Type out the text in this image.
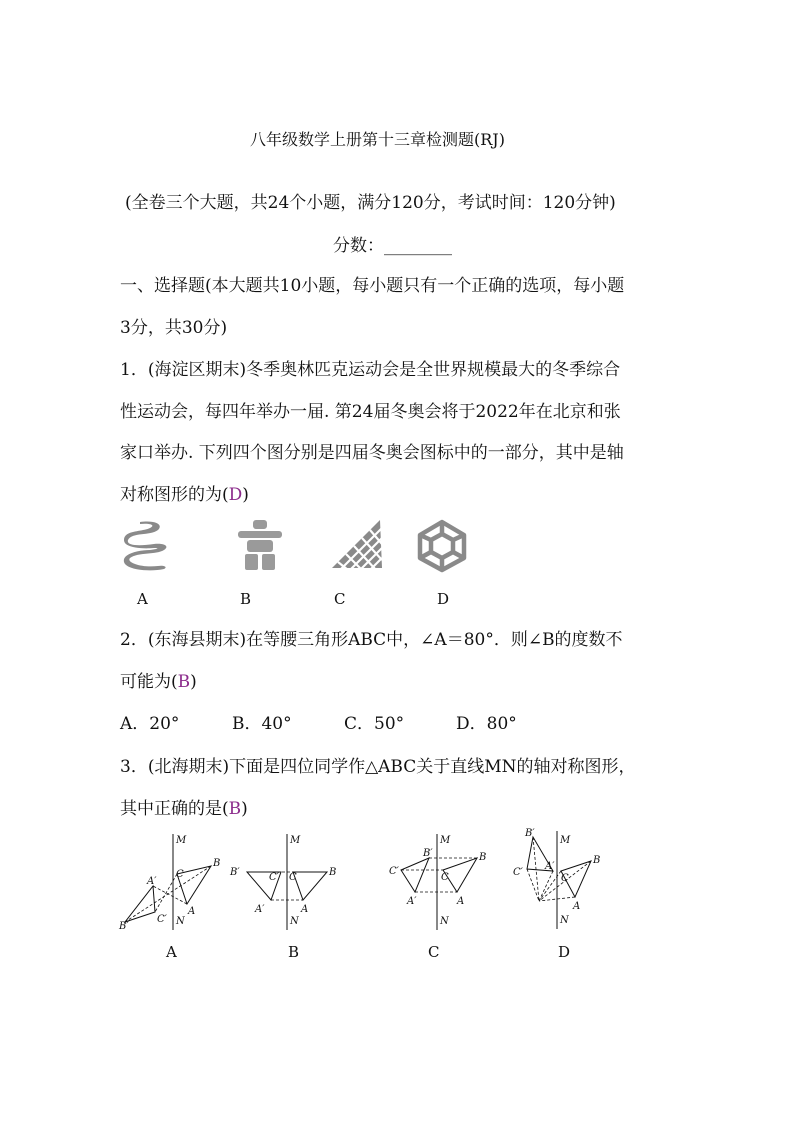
八年级数学上册第十三章检测题(RJ)
(全卷三个大题，共24个小题，满分120分，考试时间：120分钟)
分数：________
一、选择题(本大题共10小题，每小题只有一个正确的选项，每小题
3分，共30分)
1．(海淀区期末)冬季奥林匹克运动会是全世界规模最大的冬季综合
性运动会，每四年举办一届. 第24届冬奥会将于2022年在北京和张
家口举办. 下列四个图分别是四届冬奥会图标中的一部分，其中是轴
对称图形的为(D)
A	B	C	D
2．(东海县期末)在等腰三角形ABC中，∠A＝80°．则∠B的度数不
可能为(B)
A．20°	B．40°	C．50°	D．80°
3．(北海期末)下面是四位同学作△ABC关于直线MN的轴对称图形，
其中正确的是(B)
M
N
B
C
A
A′
B′
C′
M
N
B
C
A
B′	C′
A′
M
N
B
C
A
B′
C′
A′
M
N
B
C
A
B′
C′
A′
A	B	C	D
